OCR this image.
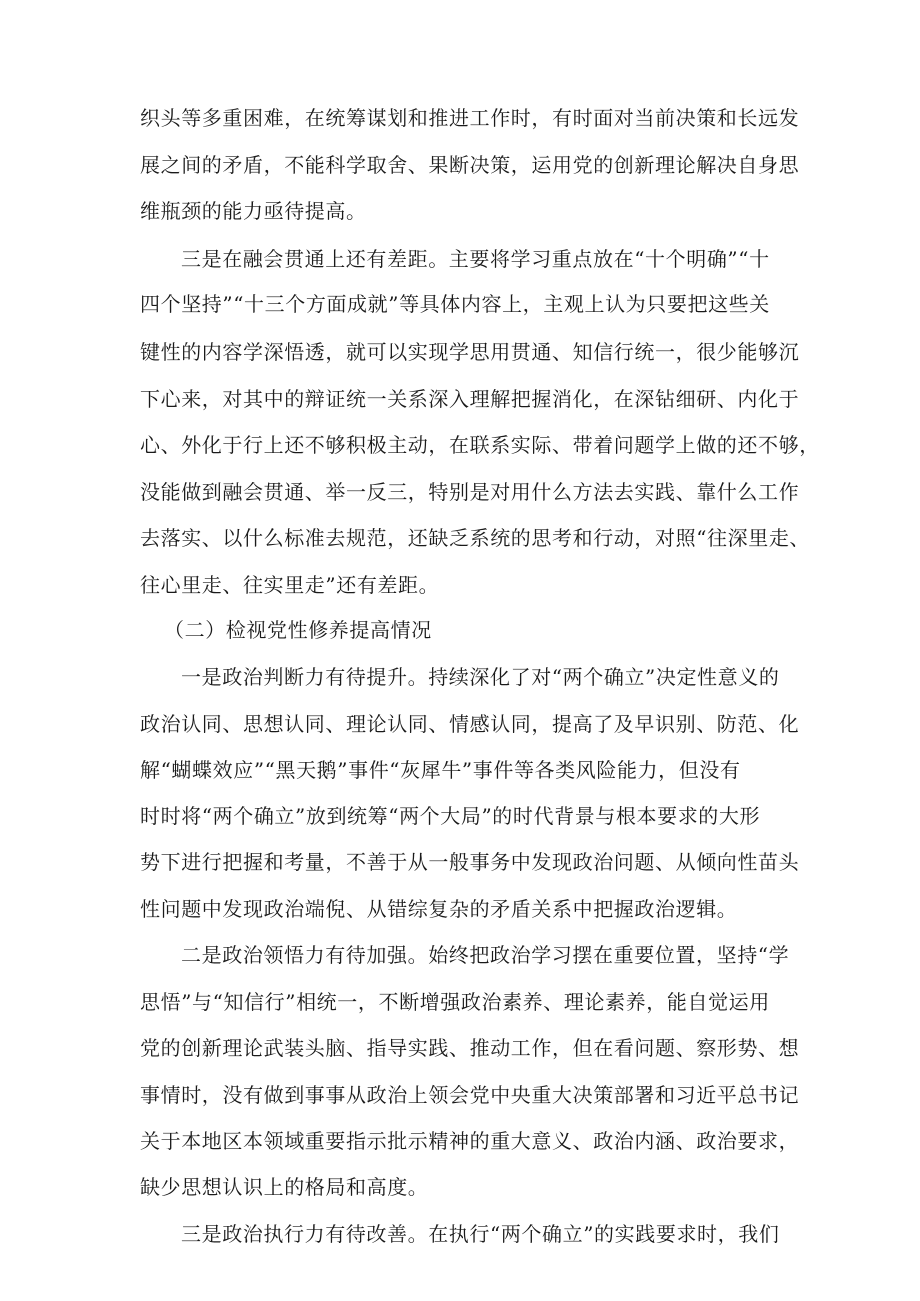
织头等多重困难，在统筹谋划和推进工作时，有时面对当前决策和长远发
展之间的矛盾，不能科学取舍、果断决策，运用党的创新理论解决自身思
维瓶颈的能力亟待提高。
三是在融会贯通上还有差距。主要将学习重点放在“十个明确”“十
四个坚持”“十三个方面成就”等具体内容上，主观上认为只要把这些关
键性的内容学深悟透，就可以实现学思用贯通、知信行统一，很少能够沉
下心来，对其中的辩证统一关系深入理解把握消化，在深钻细研、内化于
心、外化于行上还不够积极主动，在联系实际、带着问题学上做的还不够，
没能做到融会贯通、举一反三，特别是对用什么方法去实践、靠什么工作
去落实、以什么标准去规范，还缺乏系统的思考和行动，对照“往深里走、
往心里走、往实里走”还有差距。
（二）检视党性修养提高情况
一是政治判断力有待提升。持续深化了对“两个确立”决定性意义的
政治认同、思想认同、理论认同、情感认同，提高了及早识别、防范、化
解“蝴蝶效应”“黑天鹅”事件“灰犀牛”事件等各类风险能力，但没有
时时将“两个确立”放到统筹“两个大局”的时代背景与根本要求的大形
势下进行把握和考量，不善于从一般事务中发现政治问题、从倾向性苗头
性问题中发现政治端倪、从错综复杂的矛盾关系中把握政治逻辑。
二是政治领悟力有待加强。始终把政治学习摆在重要位置，坚持“学
思悟”与“知信行”相统一，不断增强政治素养、理论素养，能自觉运用
党的创新理论武装头脑、指导实践、推动工作，但在看问题、察形势、想
事情时，没有做到事事从政治上领会党中央重大决策部署和习近平总书记
关于本地区本领域重要指示批示精神的重大意义、政治内涵、政治要求，
缺少思想认识上的格局和高度。
三是政治执行力有待改善。在执行“两个确立”的实践要求时，我们
